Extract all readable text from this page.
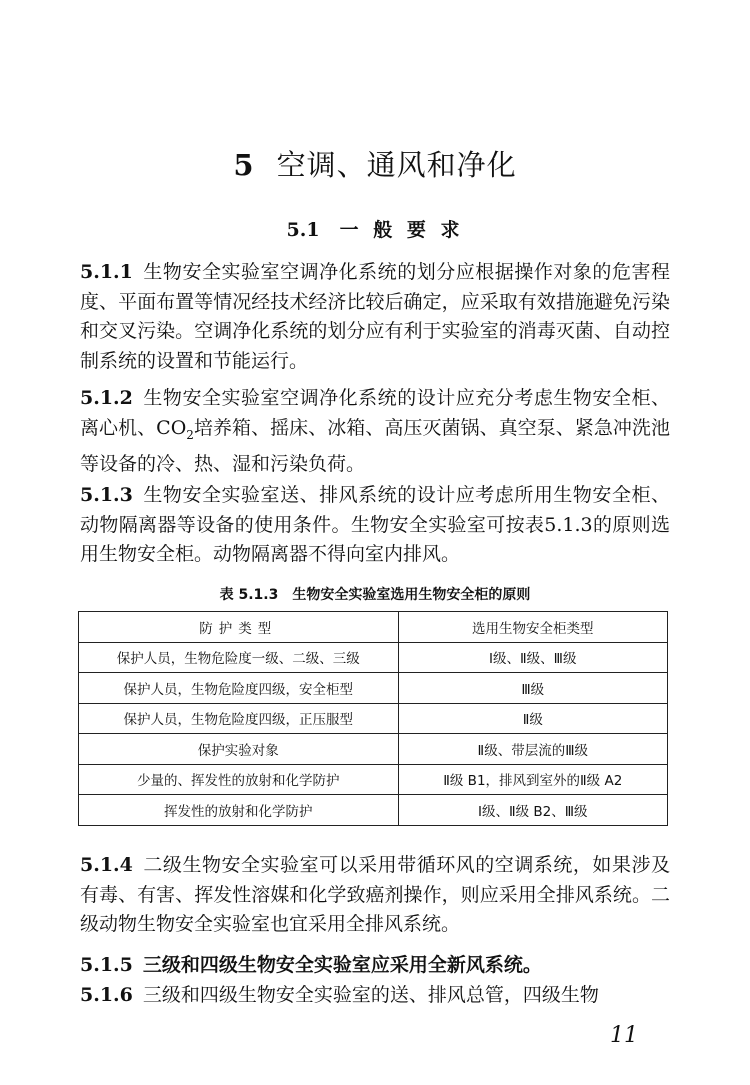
5 空调、通风和净化
5.1 一 般 要 求

5.1.1 生物安全实验室空调净化系统的划分应根据操作对象的危害程度、平面布置等情况经技术经济比较后确定，应采取有效措施避免污染和交叉污染。空调净化系统的划分应有利于实验室的消毒灭菌、自动控制系统的设置和节能运行。

5.1.2 生物安全实验室空调净化系统的设计应充分考虑生物安全柜、离心机、$CO_2$培养箱、摇床、冰箱、高压灭菌锅、真空泵、紧急冲洗池等设备的冷、热、湿和污染负荷。

5.1.3 生物安全实验室送、排风系统的设计应考虑所用生物安全柜、动物隔离器等设备的使用条件。生物安全实验室可按表5.1.3的原则选用生物安全柜。动物隔离器不得向室内排风。

表 5.1.3 生物安全实验室选用生物安全柜的原则
防护类型	选用生物安全柜类型
保护人员，生物危险度一级、二级、三级	Ⅰ级、Ⅱ级、Ⅲ级
保护人员，生物危险度四级，安全柜型	Ⅲ级
保护人员，生物危险度四级，正压服型	Ⅱ级
保护实验对象	Ⅱ级、带层流的Ⅲ级
少量的、挥发性的放射和化学防护	Ⅱ级 B1，排风到室外的Ⅱ级 A2
挥发性的放射和化学防护	Ⅰ级、Ⅱ级 B2、Ⅲ级

5.1.4 二级生物安全实验室可以采用带循环风的空调系统，如果涉及有毒、有害、挥发性溶媒和化学致癌剂操作，则应采用全排风系统。二级动物生物安全实验室也宜采用全排风系统。

5.1.5 三级和四级生物安全实验室应采用全新风系统。

5.1.6 三级和四级生物安全实验室的送、排风总管，四级生物

11
